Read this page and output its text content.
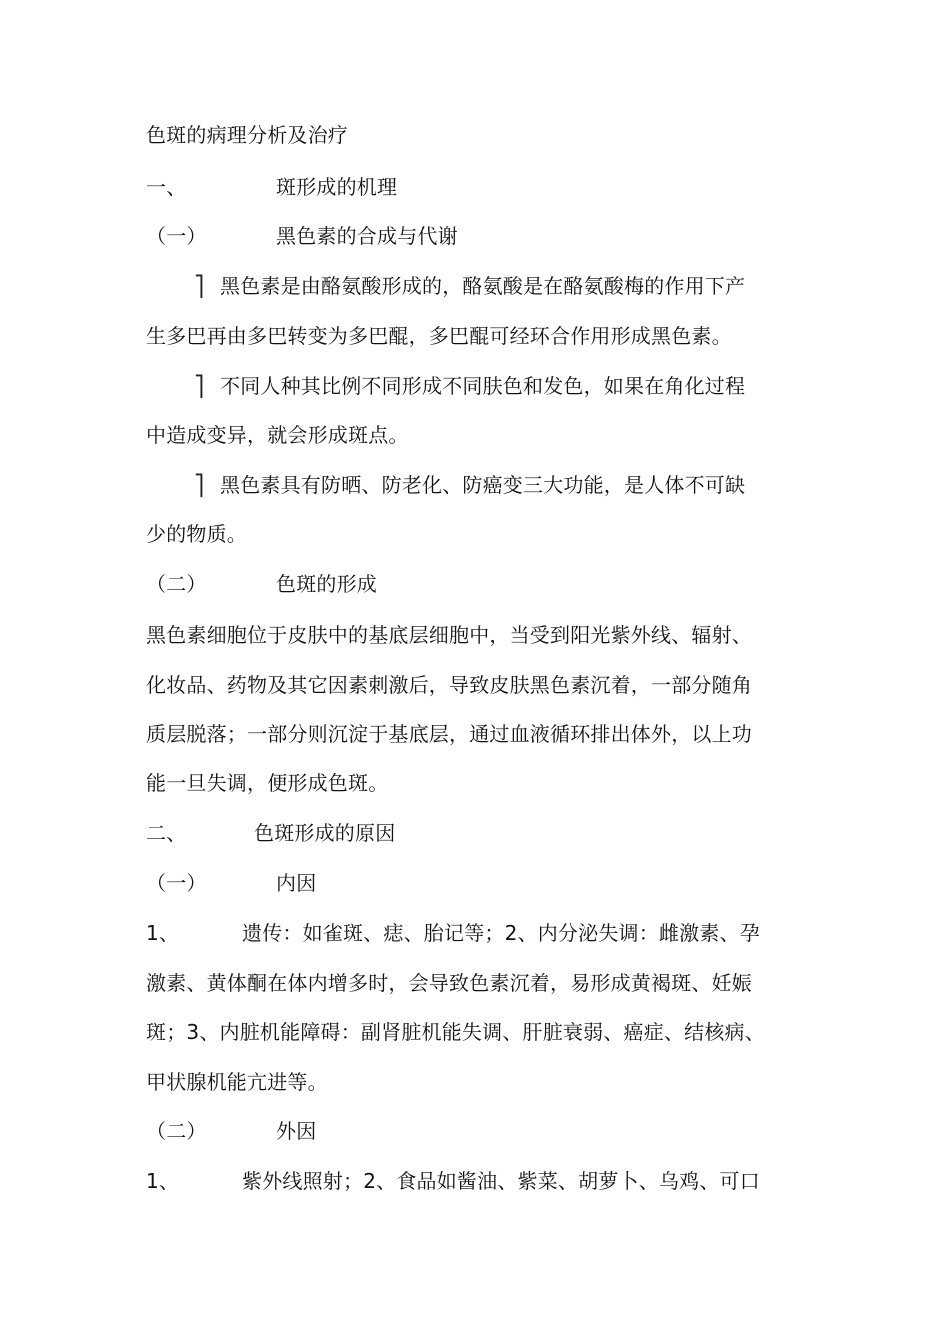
色斑的病理分析及治疗
一、	斑形成的机理
（一）	黑色素的合成与代谢
⎤ 黑色素是由酪氨酸形成的，酪氨酸是在酪氨酸梅的作用下产
生多巴再由多巴转变为多巴醌，多巴醌可经环合作用形成黑色素。
⎤ 不同人种其比例不同形成不同肤色和发色，如果在角化过程
中造成变异，就会形成斑点。
⎤ 黑色素具有防晒、防老化、防癌变三大功能，是人体不可缺
少的物质。
（二）	色斑的形成
黑色素细胞位于皮肤中的基底层细胞中，当受到阳光紫外线、辐射、
化妆品、药物及其它因素刺激后，导致皮肤黑色素沉着，一部分随角
质层脱落；一部分则沉淀于基底层，通过血液循环排出体外，以上功
能一旦失调，便形成色斑。
二、	色斑形成的原因
（一）	内因
1、	遗传：如雀斑、痣、胎记等；2、内分泌失调：雌激素、孕
激素、黄体酮在体内增多时，会导致色素沉着，易形成黄褐斑、妊娠
斑；3、内脏机能障碍：副肾脏机能失调、肝脏衰弱、癌症、结核病、
甲状腺机能亢进等。
（二）	外因
1、	紫外线照射；2、食品如酱油、紫菜、胡萝卜、乌鸡、可口
